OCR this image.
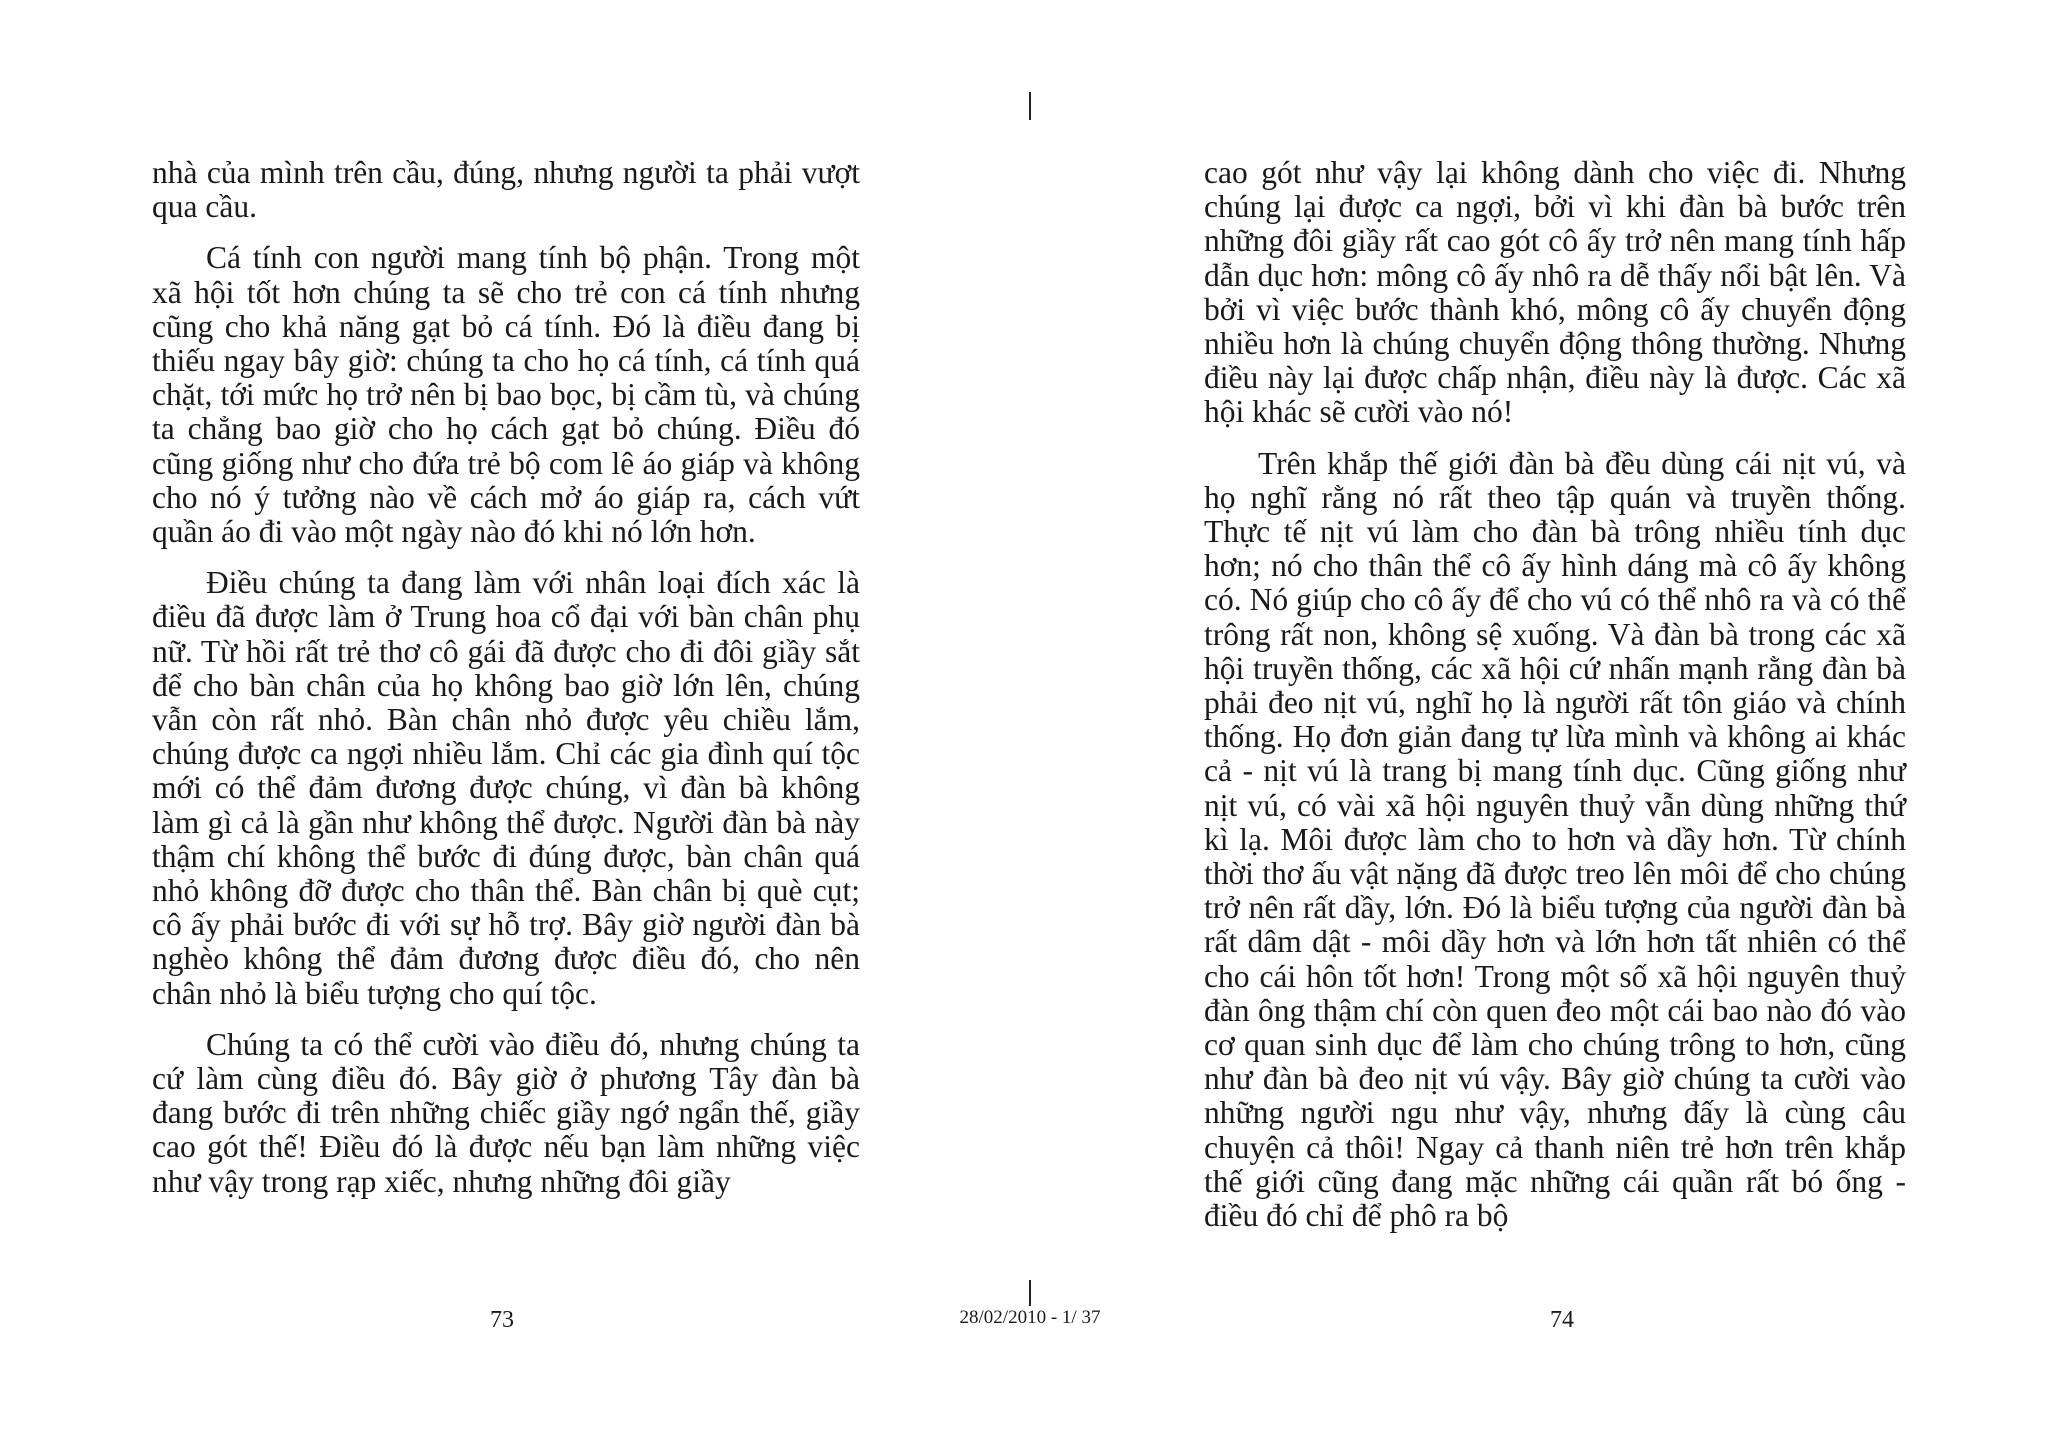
nhà của mình trên cầu, đúng, nhưng người ta phải vượt qua cầu.

Cá tính con người mang tính bộ phận. Trong một xã hội tốt hơn chúng ta sẽ cho trẻ con cá tính nhưng cũng cho khả năng gạt bỏ cá tính. Đó là điều đang bị thiếu ngay bây giờ: chúng ta cho họ cá tính, cá tính quá chặt, tới mức họ trở nên bị bao bọc, bị cầm tù, và chúng ta chẳng bao giờ cho họ cách gạt bỏ chúng. Điều đó cũng giống như cho đứa trẻ bộ com lê áo giáp và không cho nó ý tưởng nào về cách mở áo giáp ra, cách vứt quần áo đi vào một ngày nào đó khi nó lớn hơn.

Điều chúng ta đang làm với nhân loại đích xác là điều đã được làm ở Trung hoa cổ đại với bàn chân phụ nữ. Từ hồi rất trẻ thơ cô gái đã được cho đi đôi giầy sắt để cho bàn chân của họ không bao giờ lớn lên, chúng vẫn còn rất nhỏ. Bàn chân nhỏ được yêu chiều lắm, chúng được ca ngợi nhiều lắm. Chỉ các gia đình quí tộc mới có thể đảm đương được chúng, vì đàn bà không làm gì cả là gần như không thể được. Người đàn bà này thậm chí không thể bước đi đúng được, bàn chân quá nhỏ không đỡ được cho thân thể. Bàn chân bị què cụt; cô ấy phải bước đi với sự hỗ trợ. Bây giờ người đàn bà nghèo không thể đảm đương được điều đó, cho nên chân nhỏ là biểu tượng cho quí tộc.

Chúng ta có thể cười vào điều đó, nhưng chúng ta cứ làm cùng điều đó. Bây giờ ở phương Tây đàn bà đang bước đi trên những chiếc giầy ngớ ngẩn thế, giầy cao gót thế! Điều đó là được nếu bạn làm những việc như vậy trong rạp xiếc, nhưng những đôi giầy

cao gót như vậy lại không dành cho việc đi. Nhưng chúng lại được ca ngợi, bởi vì khi đàn bà bước trên những đôi giầy rất cao gót cô ấy trở nên mang tính hấp dẫn dục hơn: mông cô ấy nhô ra dễ thấy nổi bật lên. Và bởi vì việc bước thành khó, mông cô ấy chuyển động nhiều hơn là chúng chuyển động thông thường. Nhưng điều này lại được chấp nhận, điều này là được. Các xã hội khác sẽ cười vào nó!

Trên khắp thế giới đàn bà đều dùng cái nịt vú, và họ nghĩ rằng nó rất theo tập quán và truyền thống. Thực tế nịt vú làm cho đàn bà trông nhiều tính dục hơn; nó cho thân thể cô ấy hình dáng mà cô ấy không có. Nó giúp cho cô ấy để cho vú có thể nhô ra và có thể trông rất non, không sệ xuống. Và đàn bà trong các xã hội truyền thống, các xã hội cứ nhấn mạnh rằng đàn bà phải đeo nịt vú, nghĩ họ là người rất tôn giáo và chính thống. Họ đơn giản đang tự lừa mình và không ai khác cả - nịt vú là trang bị mang tính dục. Cũng giống như nịt vú, có vài xã hội nguyên thuỷ vẫn dùng những thứ kì lạ. Môi được làm cho to hơn và dầy hơn. Từ chính thời thơ ấu vật nặng đã được treo lên môi để cho chúng trở nên rất dầy, lớn. Đó là biểu tượng của người đàn bà rất dâm dật - môi dầy hơn và lớn hơn tất nhiên có thể cho cái hôn tốt hơn! Trong một số xã hội nguyên thuỷ đàn ông thậm chí còn quen đeo một cái bao nào đó vào cơ quan sinh dục để làm cho chúng trông to hơn, cũng như đàn bà đeo nịt vú vậy. Bây giờ chúng ta cười vào những người ngu như vậy, nhưng đấy là cùng câu chuyện cả thôi! Ngay cả thanh niên trẻ hơn trên khắp thế giới cũng đang mặc những cái quần rất bó ống - điều đó chỉ để phô ra bộ

73	28/02/2010 - 1/ 37	74
